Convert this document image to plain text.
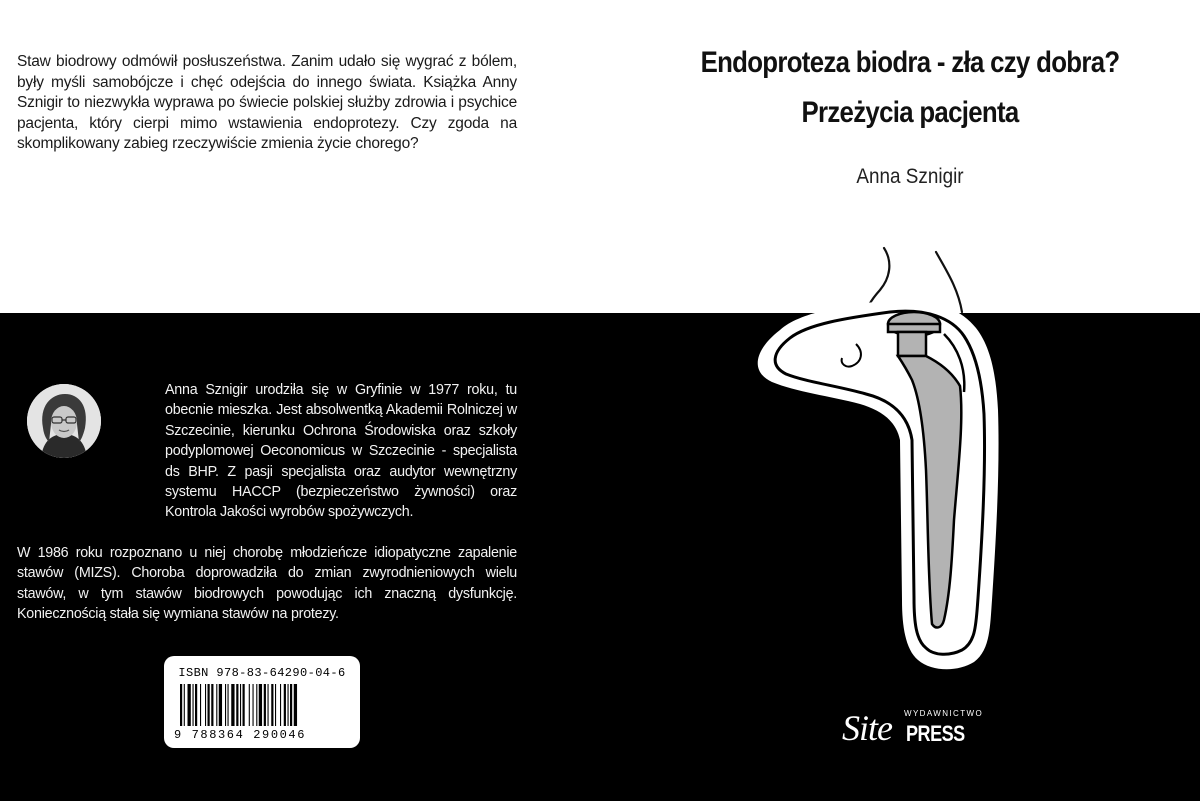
Staw biodrowy odmówił posłuszeństwa. Zanim udało się wygrać z bólem, były myśli samobójcze i chęć odejścia do innego świata. Książka Anny Sznigir to niezwykła wyprawa po świecie polskiej służby zdrowia i psychice pacjenta, który cierpi mimo wstawienia endoprotezy. Czy zgoda na skomplikowany zabieg rzeczywiście zmienia życie chorego?
Endoproteza biodra - zła czy dobra?
Przeżycia pacjenta
Anna Sznigir

Anna Sznigir urodziła się w Gryfinie w 1977 roku, tu obecnie mieszka. Jest absolwentką Akademii Rolniczej w Szczecinie, kierunku Ochrona Środowiska oraz szkoły podyplomowej Oeconomicus w Szczecinie - specjalista ds BHP. Z pasji specjalista oraz audytor wewnętrzny systemu HACCP (bezpieczeństwo żywności) oraz Kontrola Jakości wyrobów spożywczych.

W 1986 roku rozpoznano u niej chorobę młodzieńcze idiopatyczne zapalenie stawów (MIZS). Choroba doprowadziła do zmian zwyrodnieniowych wielu stawów, w tym stawów biodrowych powodując ich znaczną dysfunkcję. Koniecznością stała się wymiana stawów na protezy.

ISBN 978-83-64290-04-6
9 788364 290046
WYDAWNICTWO
Site PRESS
